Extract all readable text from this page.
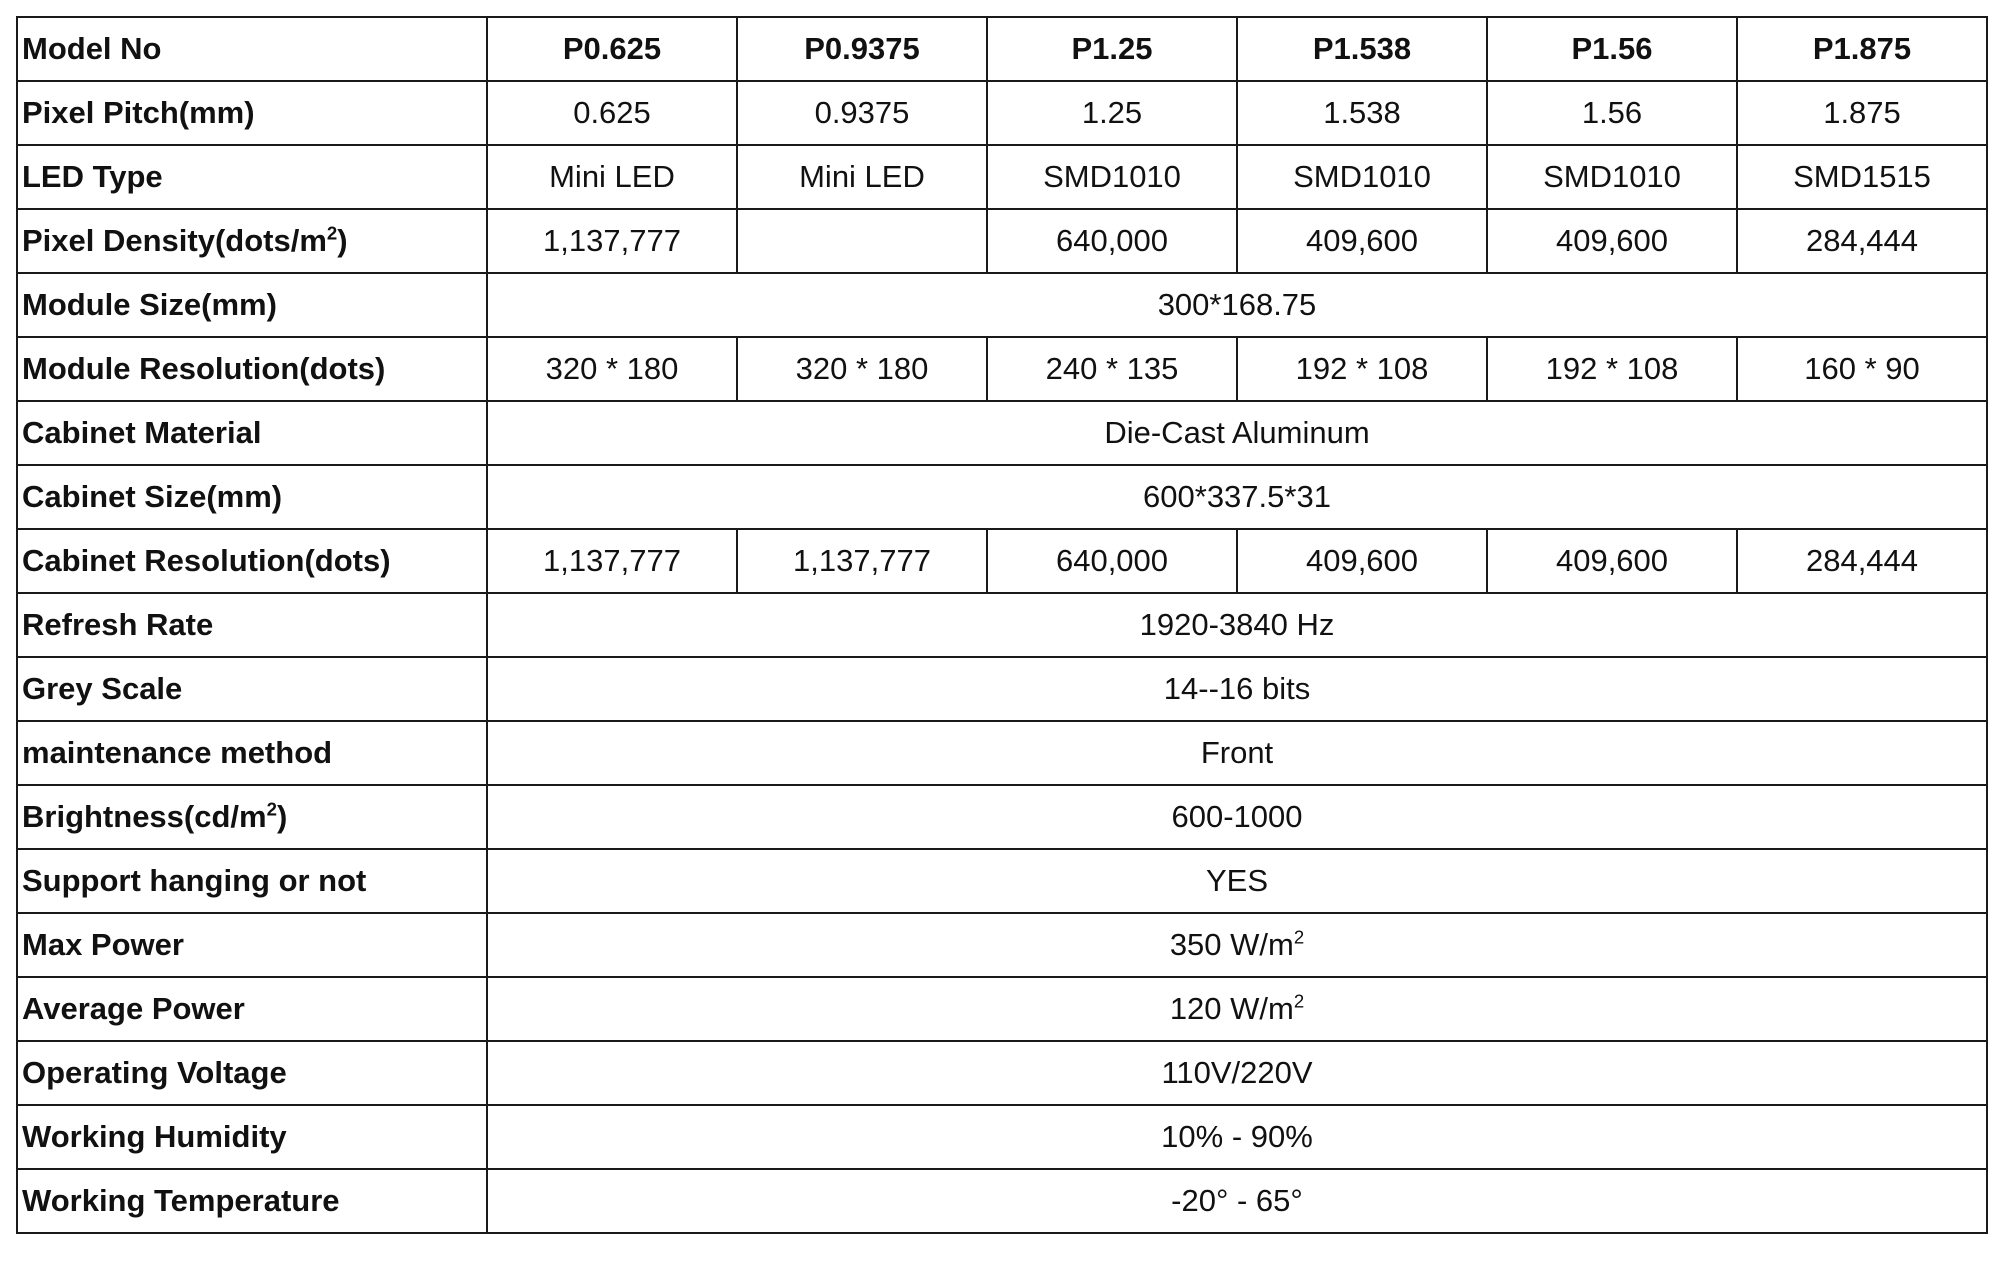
Model No	P0.625	P0.9375	P1.25	P1.538	P1.56	P1.875
Pixel Pitch(mm)	0.625	0.9375	1.25	1.538	1.56	1.875
LED Type	Mini LED	Mini LED	SMD1010	SMD1010	SMD1010	SMD1515
Pixel $Density(dots/m^2)$	1,137,777		640,000	409,600	409,600	284,444
Module Size(mm)	300*168.75					
Module Resolution(dots)	320 * 180	320 * 180	240 * 135	192 * 108	192 * 108	160 * 90
Cabinet Material	Die-Cast Aluminum					
Cabinet Size(mm)	600*337.5*31					
Cabinet Resolution(dots)	1,137,777	1,137,777	640,000	409,600	409,600	284,444
Refresh Rate	1920-3840 Hz					
Grey Scale	14--16 bits					
maintenance method	Front					
$Brightness(cd/m^2)$	600-1000					
Support hanging or not	YES					
Max Power	350 $W/m^2$
Average Power	120 $W/m^2$
Operating Voltage	110V/220V					
Working Humidity	10% - 90%					
Working Temperature	-20° - 65°					
